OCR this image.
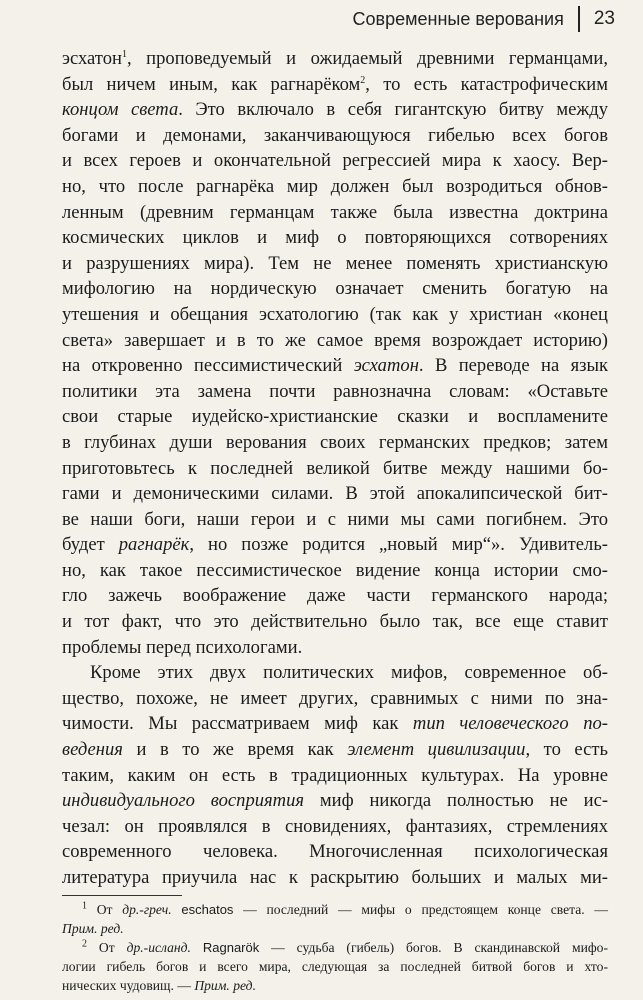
Современные верования 23
эсхатон$^1$, проповедуемый и ожидаемый древними германцами,
был ничем иным, как рагнарёком$^2$, то есть катастрофическим
концом света. Это включало в себя гигантскую битву между
богами и демонами, заканчивающуюся гибелью всех богов
и всех героев и окончательной регрессией мира к хаосу. Вер-
но, что после рагнарёка мир должен был возродиться обнов-
ленным (древним германцам также была известна доктрина
космических циклов и миф о повторяющихся сотворениях
и разрушениях мира). Тем не менее поменять христианскую
мифологию на нордическую означает сменить богатую на
утешения и обещания эсхатологию (так как у христиан «конец
света» завершает и в то же самое время возрождает историю)
на откровенно пессимистический эсхатон. В переводе на язык
политики эта замена почти равнозначна словам: «Оставьте
свои старые иудейско-христианские сказки и воспламените
в глубинах души верования своих германских предков; затем
приготовьтесь к последней великой битве между нашими бо-
гами и демоническими силами. В этой апокалипсической бит-
ве наши боги, наши герои и с ними мы сами погибнем. Это
будет рагнарёк, но позже родится „новый мир“». Удивитель-
но, как такое пессимистическое видение конца истории смо-
гло зажечь воображение даже части германского народа;
и тот факт, что это действительно было так, все еще ставит
проблемы перед психологами.
Кроме этих двух политических мифов, современное об-
щество, похоже, не имеет других, сравнимых с ними по зна-
чимости. Мы рассматриваем миф как тип человеческого по-
ведения и в то же время как элемент цивилизации, то есть
таким, каким он есть в традиционных культурах. На уровне
индивидуального восприятия миф никогда полностью не ис-
чезал: он проявлялся в сновидениях, фантазиях, стремлениях
современного человека. Многочисленная психологическая
литература приучила нас к раскрытию больших и малых ми-
$^1$ От др.-греч. eschatos — последний — мифы о предстоящем конце света. —
Прим. ред.
$^2$ От др.-исланд. Ragnarök — судьба (гибель) богов. В скандинавской мифо-
логии гибель богов и всего мира, следующая за последней битвой богов и хто-
нических чудовищ. — Прим. ред.
